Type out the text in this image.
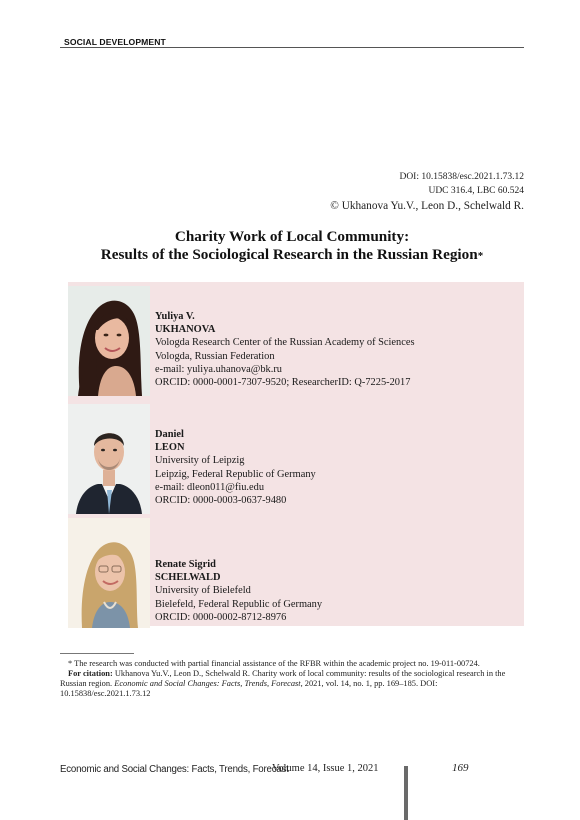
SOCIAL DEVELOPMENT
DOI: 10.15838/esc.2021.1.73.12
UDC 316.4, LBC 60.524
© Ukhanova Yu.V., Leon D., Schelwald R.
Charity Work of Local Community:
Results of the Sociological Research in the Russian Region*
Yuliya V.
UKHANOVA
Vologda Research Center of the Russian Academy of Sciences
Vologda, Russian Federation
e-mail: yuliya.uhanova@bk.ru
ORCID: 0000-0001-7307-9520; ResearcherID: Q-7225-2017
Daniel
LEON
University of Leipzig
Leipzig, Federal Republic of Germany
e-mail: dleon011@fiu.edu
ORCID: 0000-0003-0637-9480
Renate Sigrid
SCHELWALD
University of Bielefeld
Bielefeld, Federal Republic of Germany
ORCID: 0000-0002-8712-8976
* The research was conducted with partial financial assistance of the RFBR within the academic project no. 19-011-00724.
For citation: Ukhanova Yu.V., Leon D., Schelwald R. Charity work of local community: results of the sociological research in the Russian region. Economic and Social Changes: Facts, Trends, Forecast, 2021, vol. 14, no. 1, pp. 169–185. DOI: 10.15838/esc.2021.1.73.12
Economic and Social Changes: Facts, Trends, Forecast
Volume 14, Issue 1, 2021	169
